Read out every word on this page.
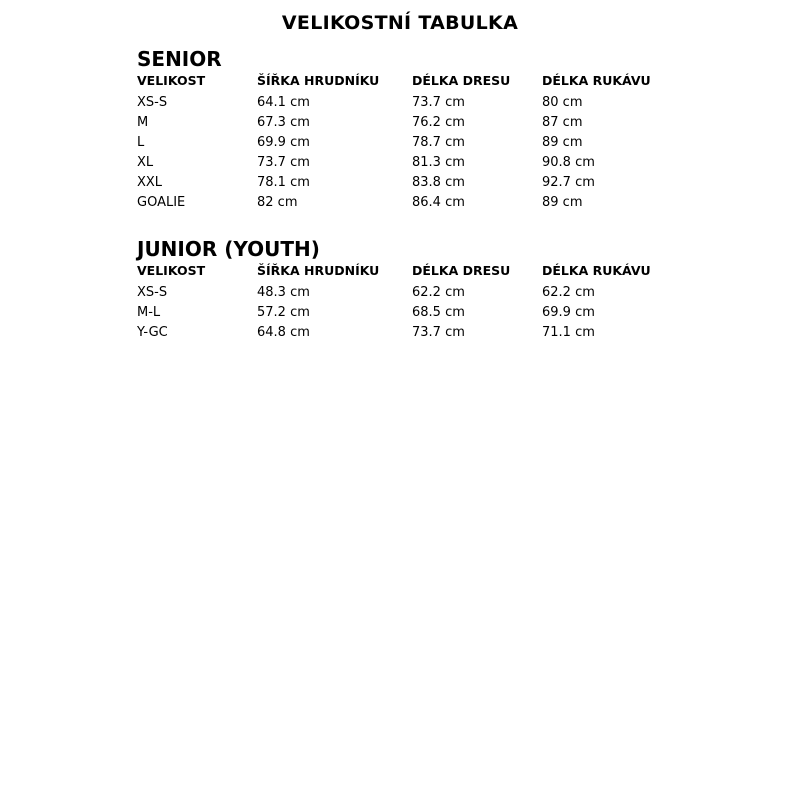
VELIKOSTNÍ TABULKA
SENIOR
VELIKOST	ŠÍŘKA HRUDNÍKU	DÉLKA DRESU	DÉLKA RUKÁVU
XS-S	64.1 cm	73.7 cm	80 cm
M	67.3 cm	76.2 cm	87 cm
L	69.9 cm	78.7 cm	89 cm
XL	73.7 cm	81.3 cm	90.8 cm
XXL	78.1 cm	83.8 cm	92.7 cm
GOALIE	82 cm	86.4 cm	89 cm
JUNIOR (YOUTH)
VELIKOST	ŠÍŘKA HRUDNÍKU	DÉLKA DRESU	DÉLKA RUKÁVU
XS-S	48.3 cm	62.2 cm	62.2 cm
M-L	57.2 cm	68.5 cm	69.9 cm
Y-GC	64.8 cm	73.7 cm	71.1 cm
